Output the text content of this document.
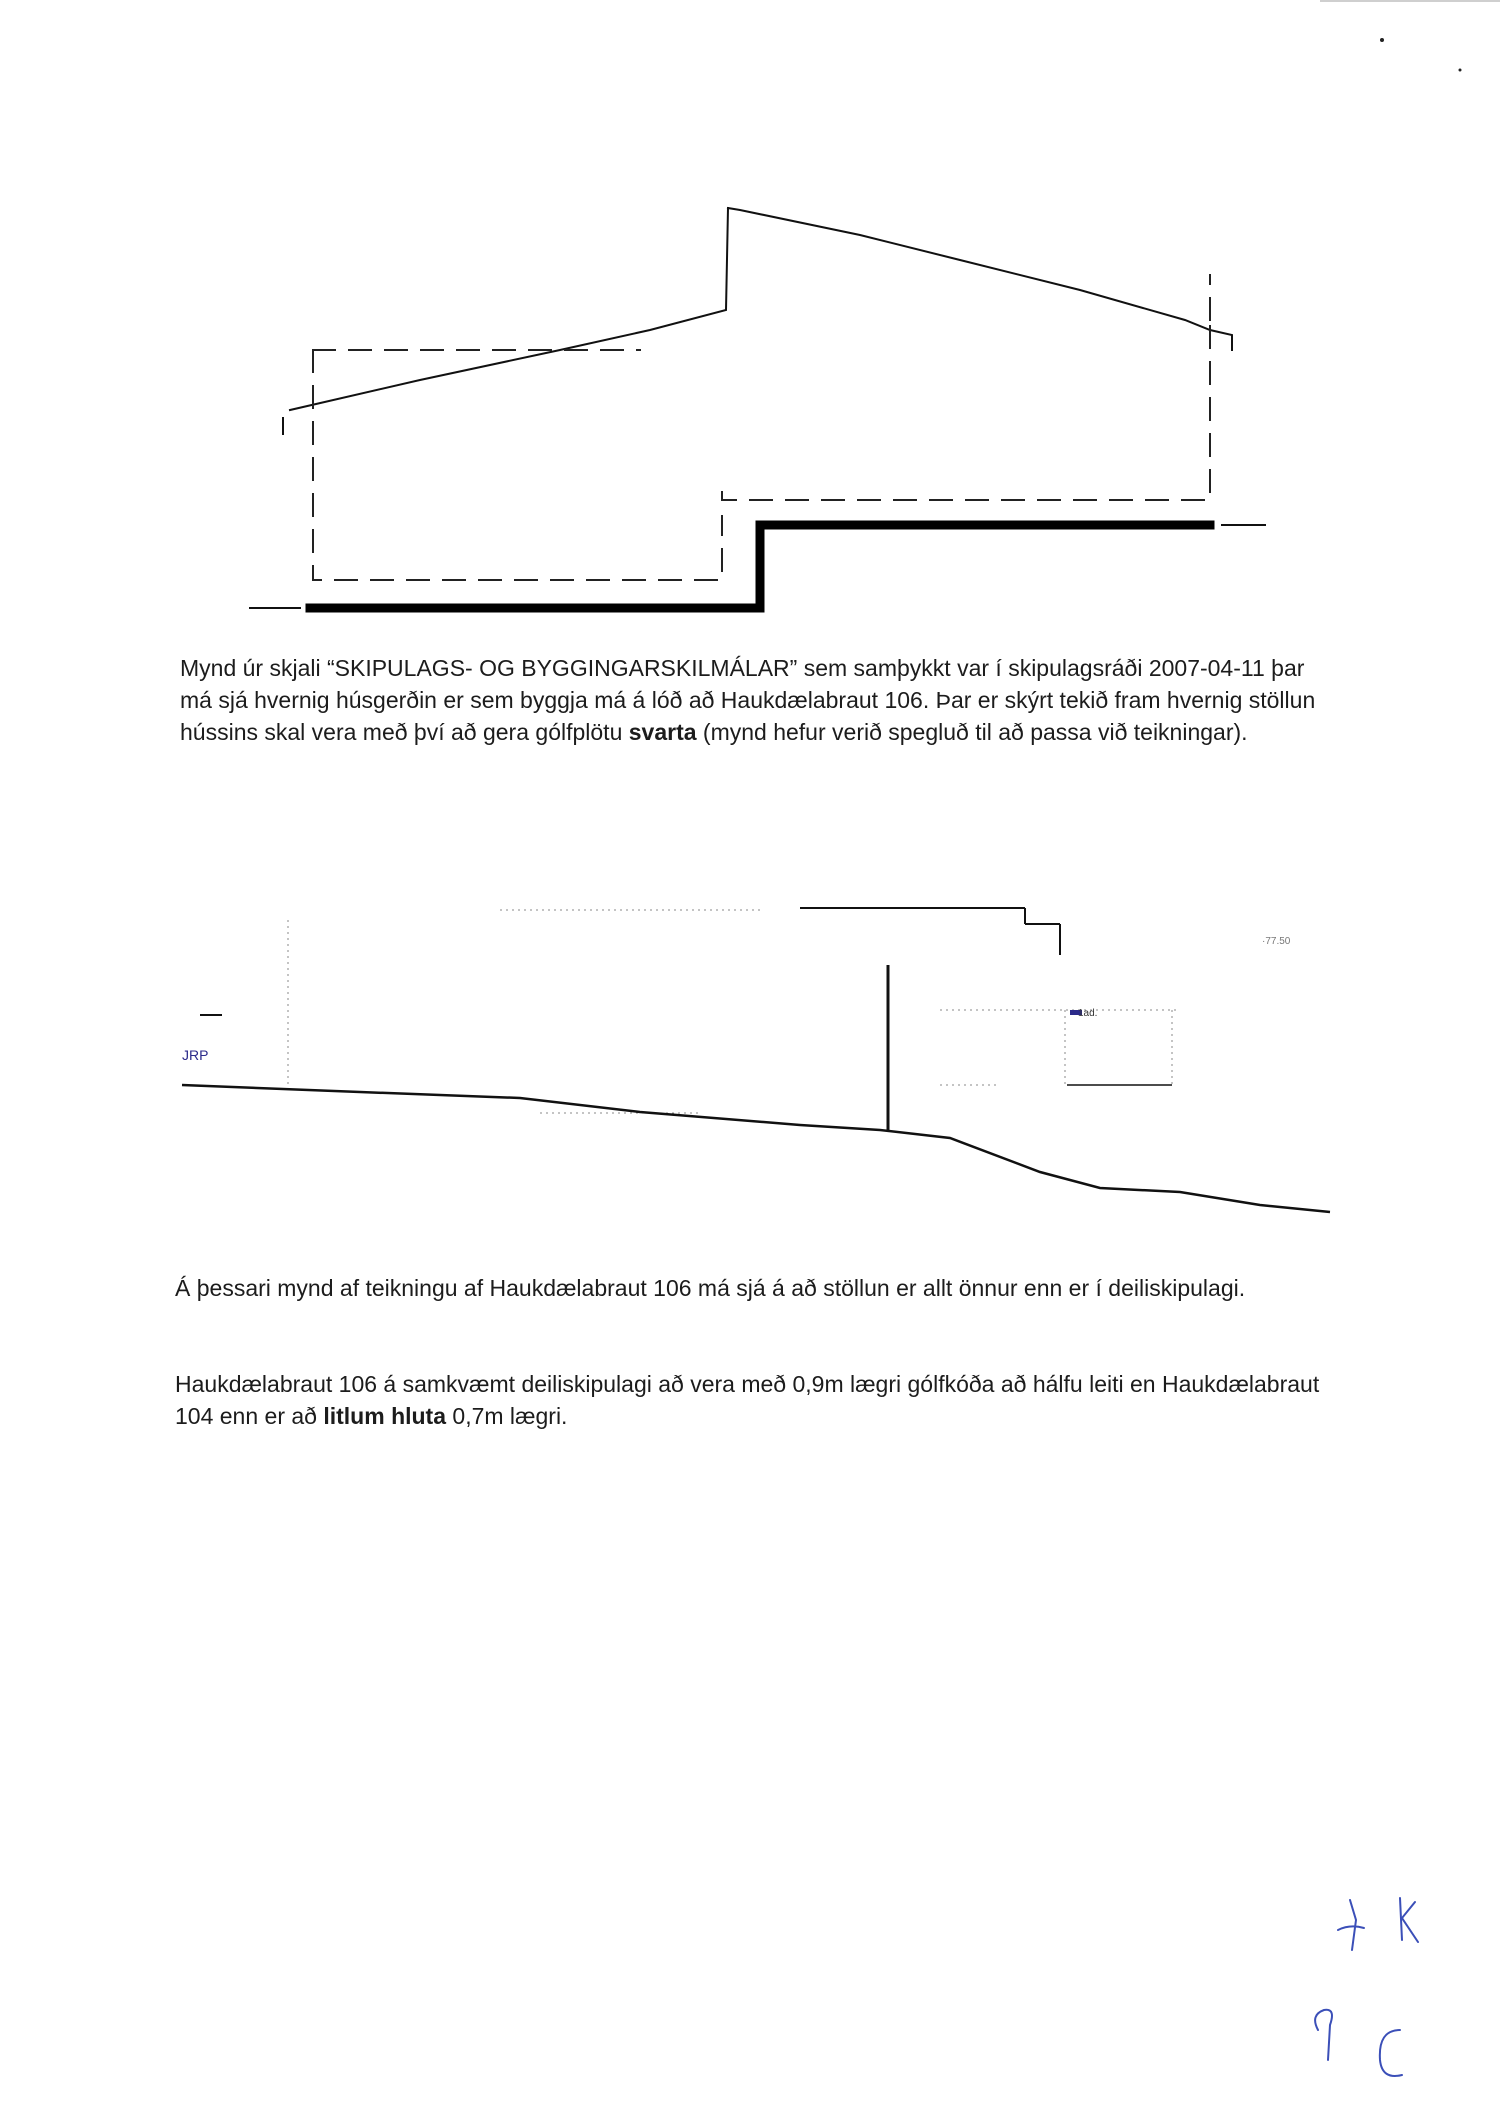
Mynd úr skjali “SKIPULAGS- OG BYGGINGARSKILMÁLAR” sem samþykkt var í skipulagsráði 2007-04-11 þar má sjá hvernig húsgerðin er sem byggja má á lóð að Haukdælabraut 106. Þar er skýrt tekið fram hvernig stöllun hússins skal vera með því að gera gólfplötu svarta (mynd hefur verið spegluð til að passa við teikningar).

JRP
·77.50
1ad.

Á þessari mynd af teikningu af Haukdælabraut 106 má sjá á að stöllun er allt önnur enn er í deiliskipulagi.

Haukdælabraut 106 á samkvæmt deiliskipulagi að vera með 0,9m lægri gólfkóða að hálfu leiti en Haukdælabraut 104 enn er að litlum hluta 0,7m lægri.
